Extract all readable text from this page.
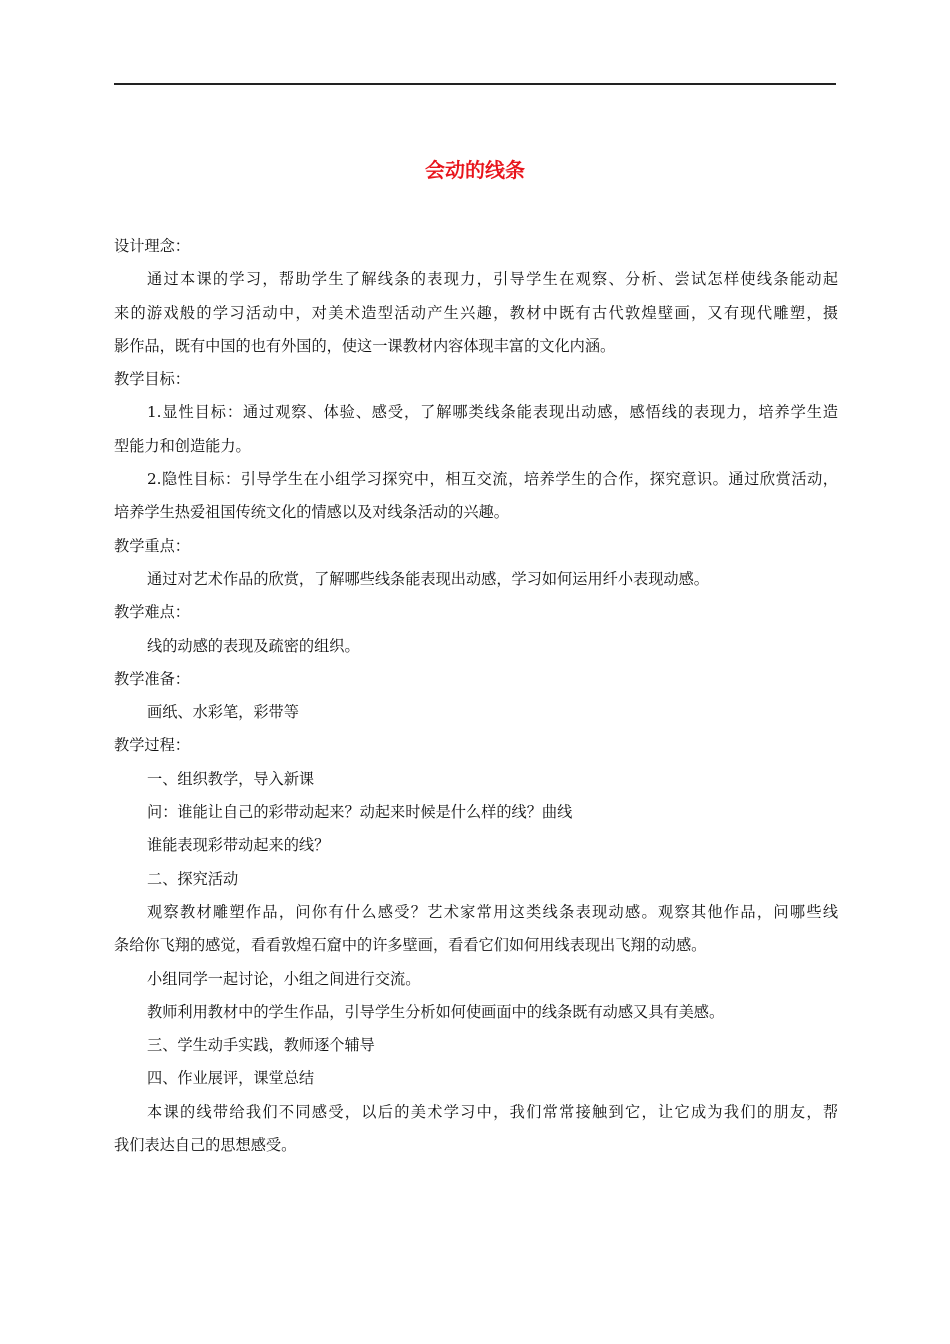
会动的线条
设计理念：
通过本课的学习，帮助学生了解线条的表现力，引导学生在观察、分析、尝试怎样使线条能动起
来的游戏般的学习活动中，对美术造型活动产生兴趣，教材中既有古代敦煌壁画，又有现代雕塑，摄
影作品，既有中国的也有外国的，使这一课教材内容体现丰富的文化内涵。
教学目标：
1.显性目标：通过观察、体验、感受，了解哪类线条能表现出动感，感悟线的表现力，培养学生造
型能力和创造能力。
2.隐性目标：引导学生在小组学习探究中，相互交流，培养学生的合作，探究意识。通过欣赏活动，
培养学生热爱祖国传统文化的情感以及对线条活动的兴趣。
教学重点：
通过对艺术作品的欣赏，了解哪些线条能表现出动感，学习如何运用纤小表现动感。
教学难点：
线的动感的表现及疏密的组织。
教学准备：
画纸、水彩笔，彩带等
教学过程：
一、组织教学，导入新课
问：谁能让自己的彩带动起来？动起来时候是什么样的线？曲线
谁能表现彩带动起来的线？
二、探究活动
观察教材雕塑作品，问你有什么感受？艺术家常用这类线条表现动感。观察其他作品，问哪些线
条给你飞翔的感觉，看看敦煌石窟中的许多壁画，看看它们如何用线表现出飞翔的动感。
小组同学一起讨论，小组之间进行交流。
教师利用教材中的学生作品，引导学生分析如何使画面中的线条既有动感又具有美感。
三、学生动手实践，教师逐个辅导
四、作业展评，课堂总结
本课的线带给我们不同感受，以后的美术学习中，我们常常接触到它，让它成为我们的朋友，帮
我们表达自己的思想感受。
